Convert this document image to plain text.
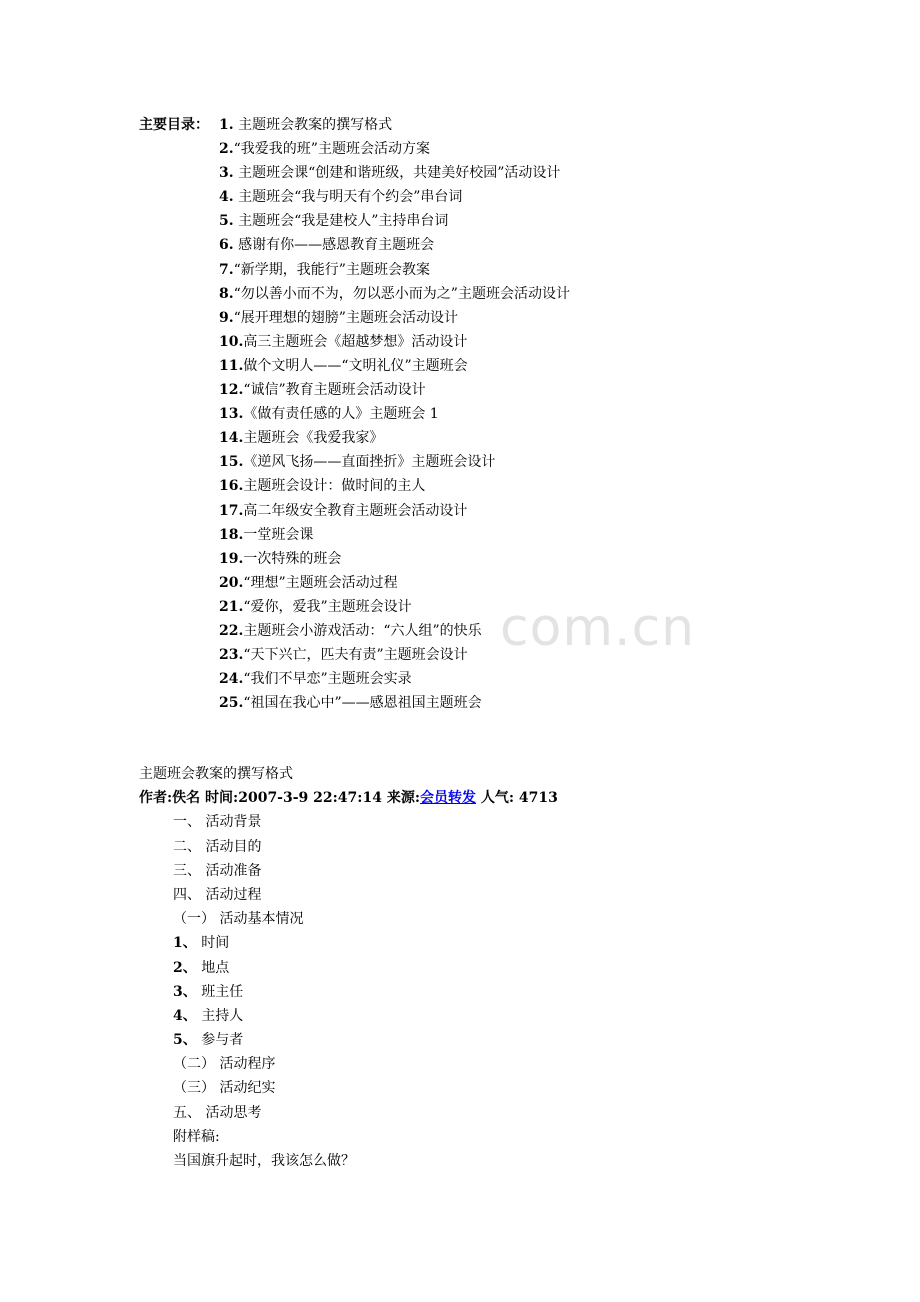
com.cn
主要目录： 1. 主题班会教案的撰写格式
2.“我爱我的班”主题班会活动方案
3. 主题班会课“创建和谐班级，共建美好校园”活动设计
4. 主题班会“我与明天有个约会”串台词
5. 主题班会“我是建校人”主持串台词
6. 感谢有你——感恩教育主题班会
7.“新学期，我能行”主题班会教案
8.“勿以善小而不为，勿以恶小而为之”主题班会活动设计
9.“展开理想的翅膀”主题班会活动设计
10.高三主题班会《超越梦想》活动设计
11.做个文明人——“文明礼仪”主题班会
12.“诚信”教育主题班会活动设计
13.《做有责任感的人》主题班会 1
14.主题班会《我爱我家》
15.《逆风飞扬——直面挫折》主题班会设计
16.主题班会设计：做时间的主人
17.高二年级安全教育主题班会活动设计
18.一堂班会课
19.一次特殊的班会
20.“理想”主题班会活动过程
21.“爱你，爱我”主题班会设计
22.主题班会小游戏活动：“六人组”的快乐
23.“天下兴亡，匹夫有责”主题班会设计
24.“我们不早恋”主题班会实录
25.“祖国在我心中”——感恩祖国主题班会
主题班会教案的撰写格式
作者:佚名 时间:2007-3-9 22:47:14 来源:会员转发 人气: 4713
一、 活动背景
二、 活动目的
三、 活动准备
四、 活动过程
（一） 活动基本情况
1、 时间
2、 地点
3、 班主任
4、 主持人
5、 参与者
（二） 活动程序
（三） 活动纪实
五、 活动思考
附样稿:
当国旗升起时，我该怎么做？
